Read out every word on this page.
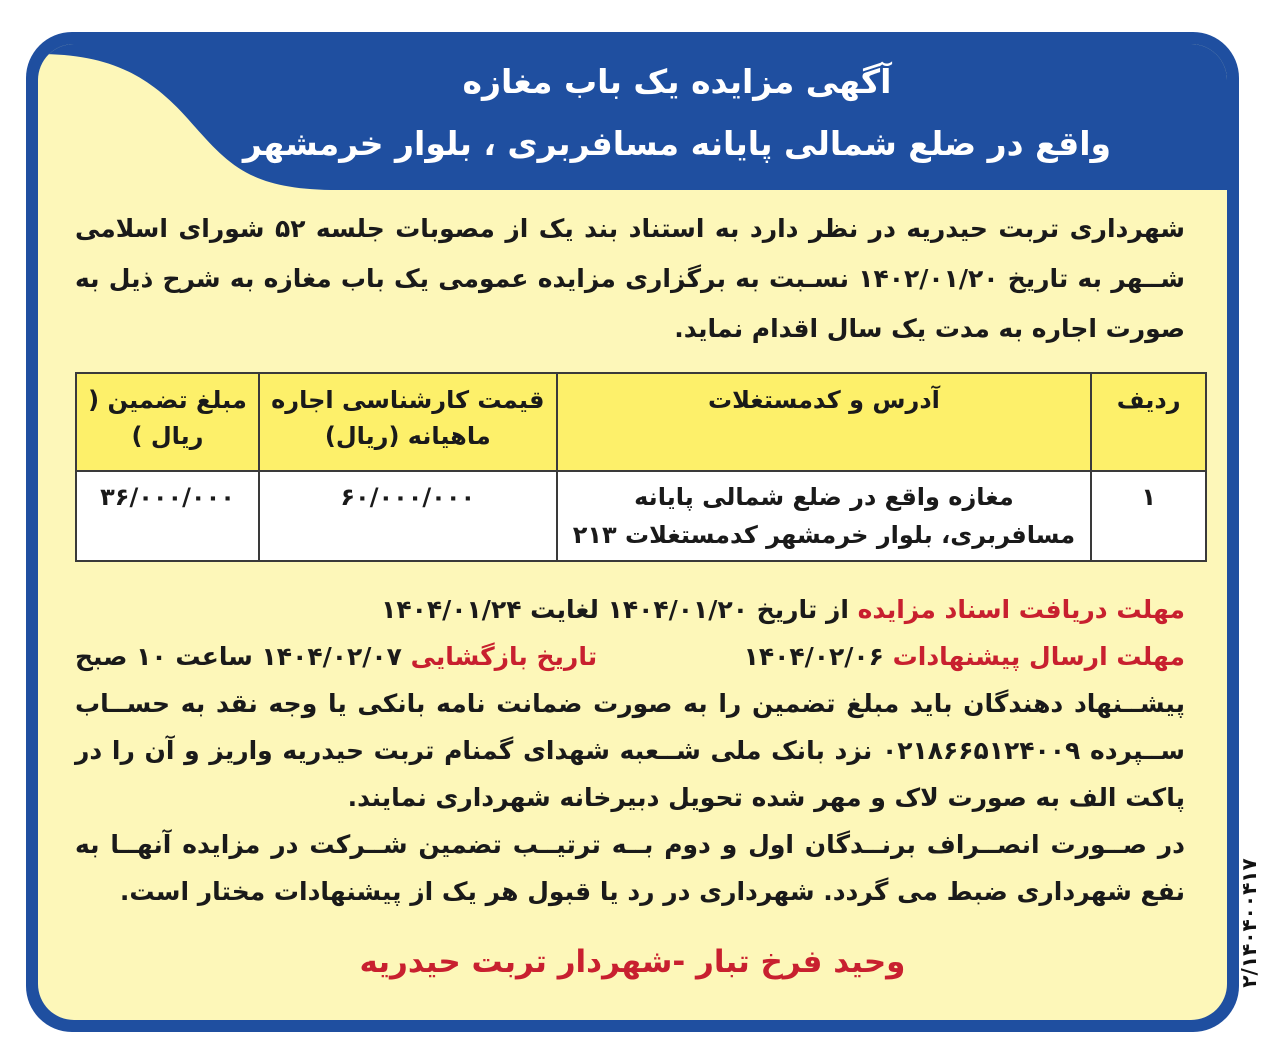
آگهی مزایده یک باب مغازه
واقع در ضلع شمالی پایانه مسافربری ، بلوار خرمشهر
شهرداری تربت حیدریه در نظر دارد به استناد بند یک از مصوبات جلسه ۵۲ شورای اسلامی شــهر به تاریخ ۱۴۰۲/۰۱/۲۰ نسـبت به برگزاری مزایده عمومی یک باب مغازه به شرح ذیل به صورت اجاره به مدت یک سال اقدام نماید.
ردیف	آدرس و کدمستغلات	قیمت کارشناسی اجاره ماهیانه (ریال)	مبلغ تضمین ( ریال )
۱	مغازه واقع در ضلع شمالی پایانه مسافربری، بلوار خرمشهر کدمستغلات ۲۱۳	۶۰/۰۰۰/۰۰۰	۳۶/۰۰۰/۰۰۰
مهلت دریافت اسناد مزایده از تاریخ ۱۴۰۴/۰۱/۲۰ لغایت ۱۴۰۴/۰۱/۲۴
مهلت ارسال پیشنهادات ۱۴۰۴/۰۲/۰۶
تاریخ بازگشایی ۱۴۰۴/۰۲/۰۷ ساعت ۱۰ صبح
پیشــنهاد دهندگان باید مبلغ تضمین را به صورت ضمانت نامه بانکی یا وجه نقد به حســاب ســپرده ۰۲۱۸۶۶۵۱۲۴۰۰۹ نزد بانک ملی شــعبه شهدای گمنام تربت حیدریه واریز و آن را در پاکت الف به صورت لاک و مهر شده تحویل دبیرخانه شهرداری نمایند.
در صــورت انصــراف برنــدگان اول و دوم بــه ترتیــب تضمین شــرکت در مزایده آنهــا به نفع شهرداری ضبط می گردد. شهرداری در رد یا قبول هر یک از پیشنهادات مختار است.
وحید فرخ تبار -شهردار تربت حیدریه	۲/۱۴۰۴۰۰۴۱۷
